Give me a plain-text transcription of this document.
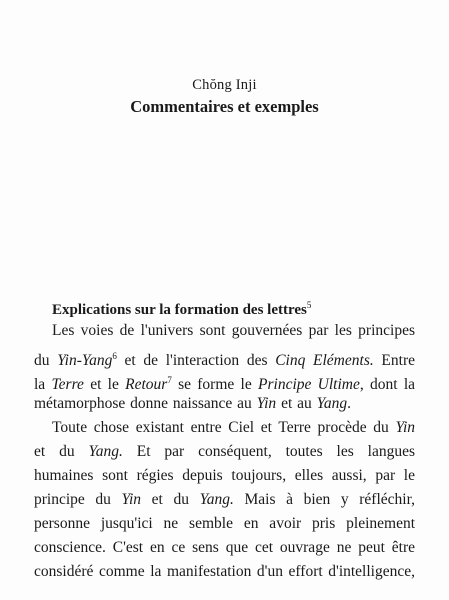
Chŏng Inji
Commentaires et exemples
Explications sur la formation des lettres$^5$
Les voies de l'univers sont gouvernées par les principes
du Yin-Yang$^6$ et de l'interaction des Cinq Eléments. Entre
la Terre et le Retour$^7$ se forme le Principe Ultime, dont la
métamorphose donne naissance au Yin et au Yang.
Toute chose existant entre Ciel et Terre procède du Yin
et du Yang. Et par conséquent, toutes les langues
humaines sont régies depuis toujours, elles aussi, par le
principe du Yin et du Yang. Mais à bien y réfléchir,
personne jusqu'ici ne semble en avoir pris pleinement
conscience. C'est en ce sens que cet ouvrage ne peut être
considéré comme la manifestation d'un effort d'intelligence,
